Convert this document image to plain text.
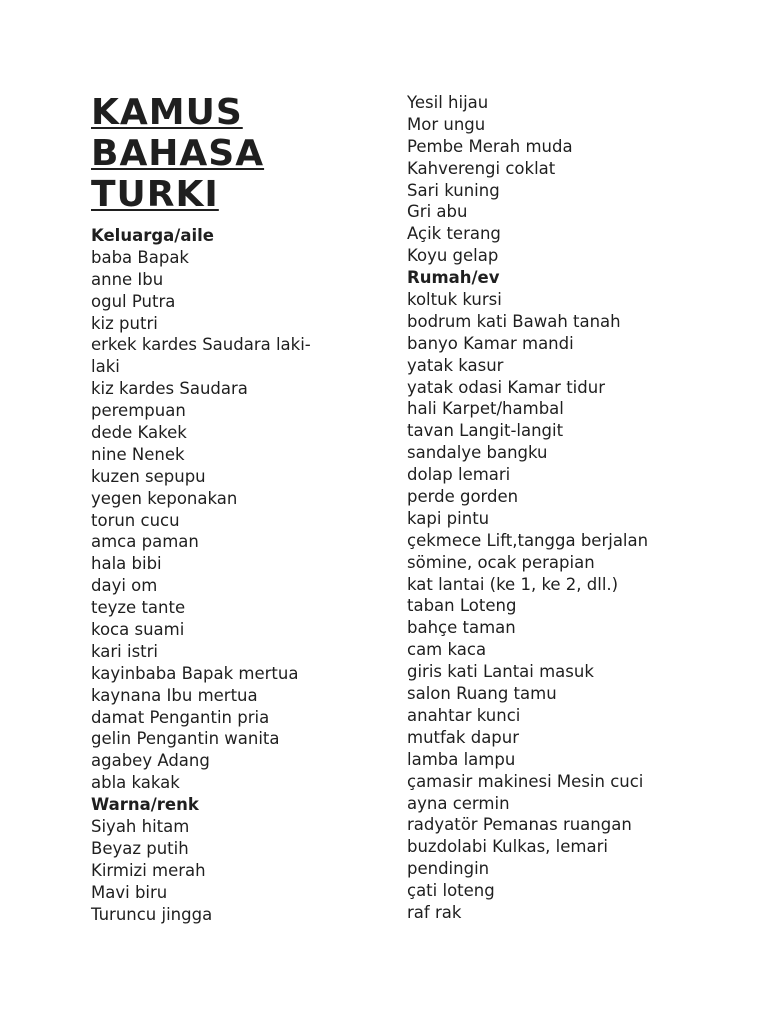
KAMUS
BAHASA
TURKI
Keluarga/aile
baba Bapak
anne Ibu
ogul Putra
kiz putri
erkek kardes Saudara laki-
laki
kiz kardes Saudara
perempuan
dede Kakek
nine Nenek
kuzen sepupu
yegen keponakan
torun cucu
amca paman
hala bibi
dayi om
teyze tante
koca suami
kari istri
kayinbaba Bapak mertua
kaynana Ibu mertua
damat Pengantin pria
gelin Pengantin wanita
agabey Adang
abla kakak
Warna/renk
Siyah hitam
Beyaz putih
Kirmizi merah
Mavi biru
Turuncu jingga
Yesil hijau
Mor ungu
Pembe Merah muda
Kahverengi coklat
Sari kuning
Gri abu
Açik terang
Koyu gelap
Rumah/ev
koltuk kursi
bodrum kati Bawah tanah
banyo Kamar mandi
yatak kasur
yatak odasi Kamar tidur
hali Karpet/hambal
tavan Langit-langit
sandalye bangku
dolap lemari
perde gorden
kapi pintu
çekmece Lift,tangga berjalan
sömine, ocak perapian
kat lantai (ke 1, ke 2, dll.)
taban Loteng
bahçe taman
cam kaca
giris kati Lantai masuk
salon Ruang tamu
anahtar kunci
mutfak dapur
lamba lampu
çamasir makinesi Mesin cuci
ayna cermin
radyatör Pemanas ruangan
buzdolabi Kulkas, lemari
pendingin
çati loteng
raf rak
